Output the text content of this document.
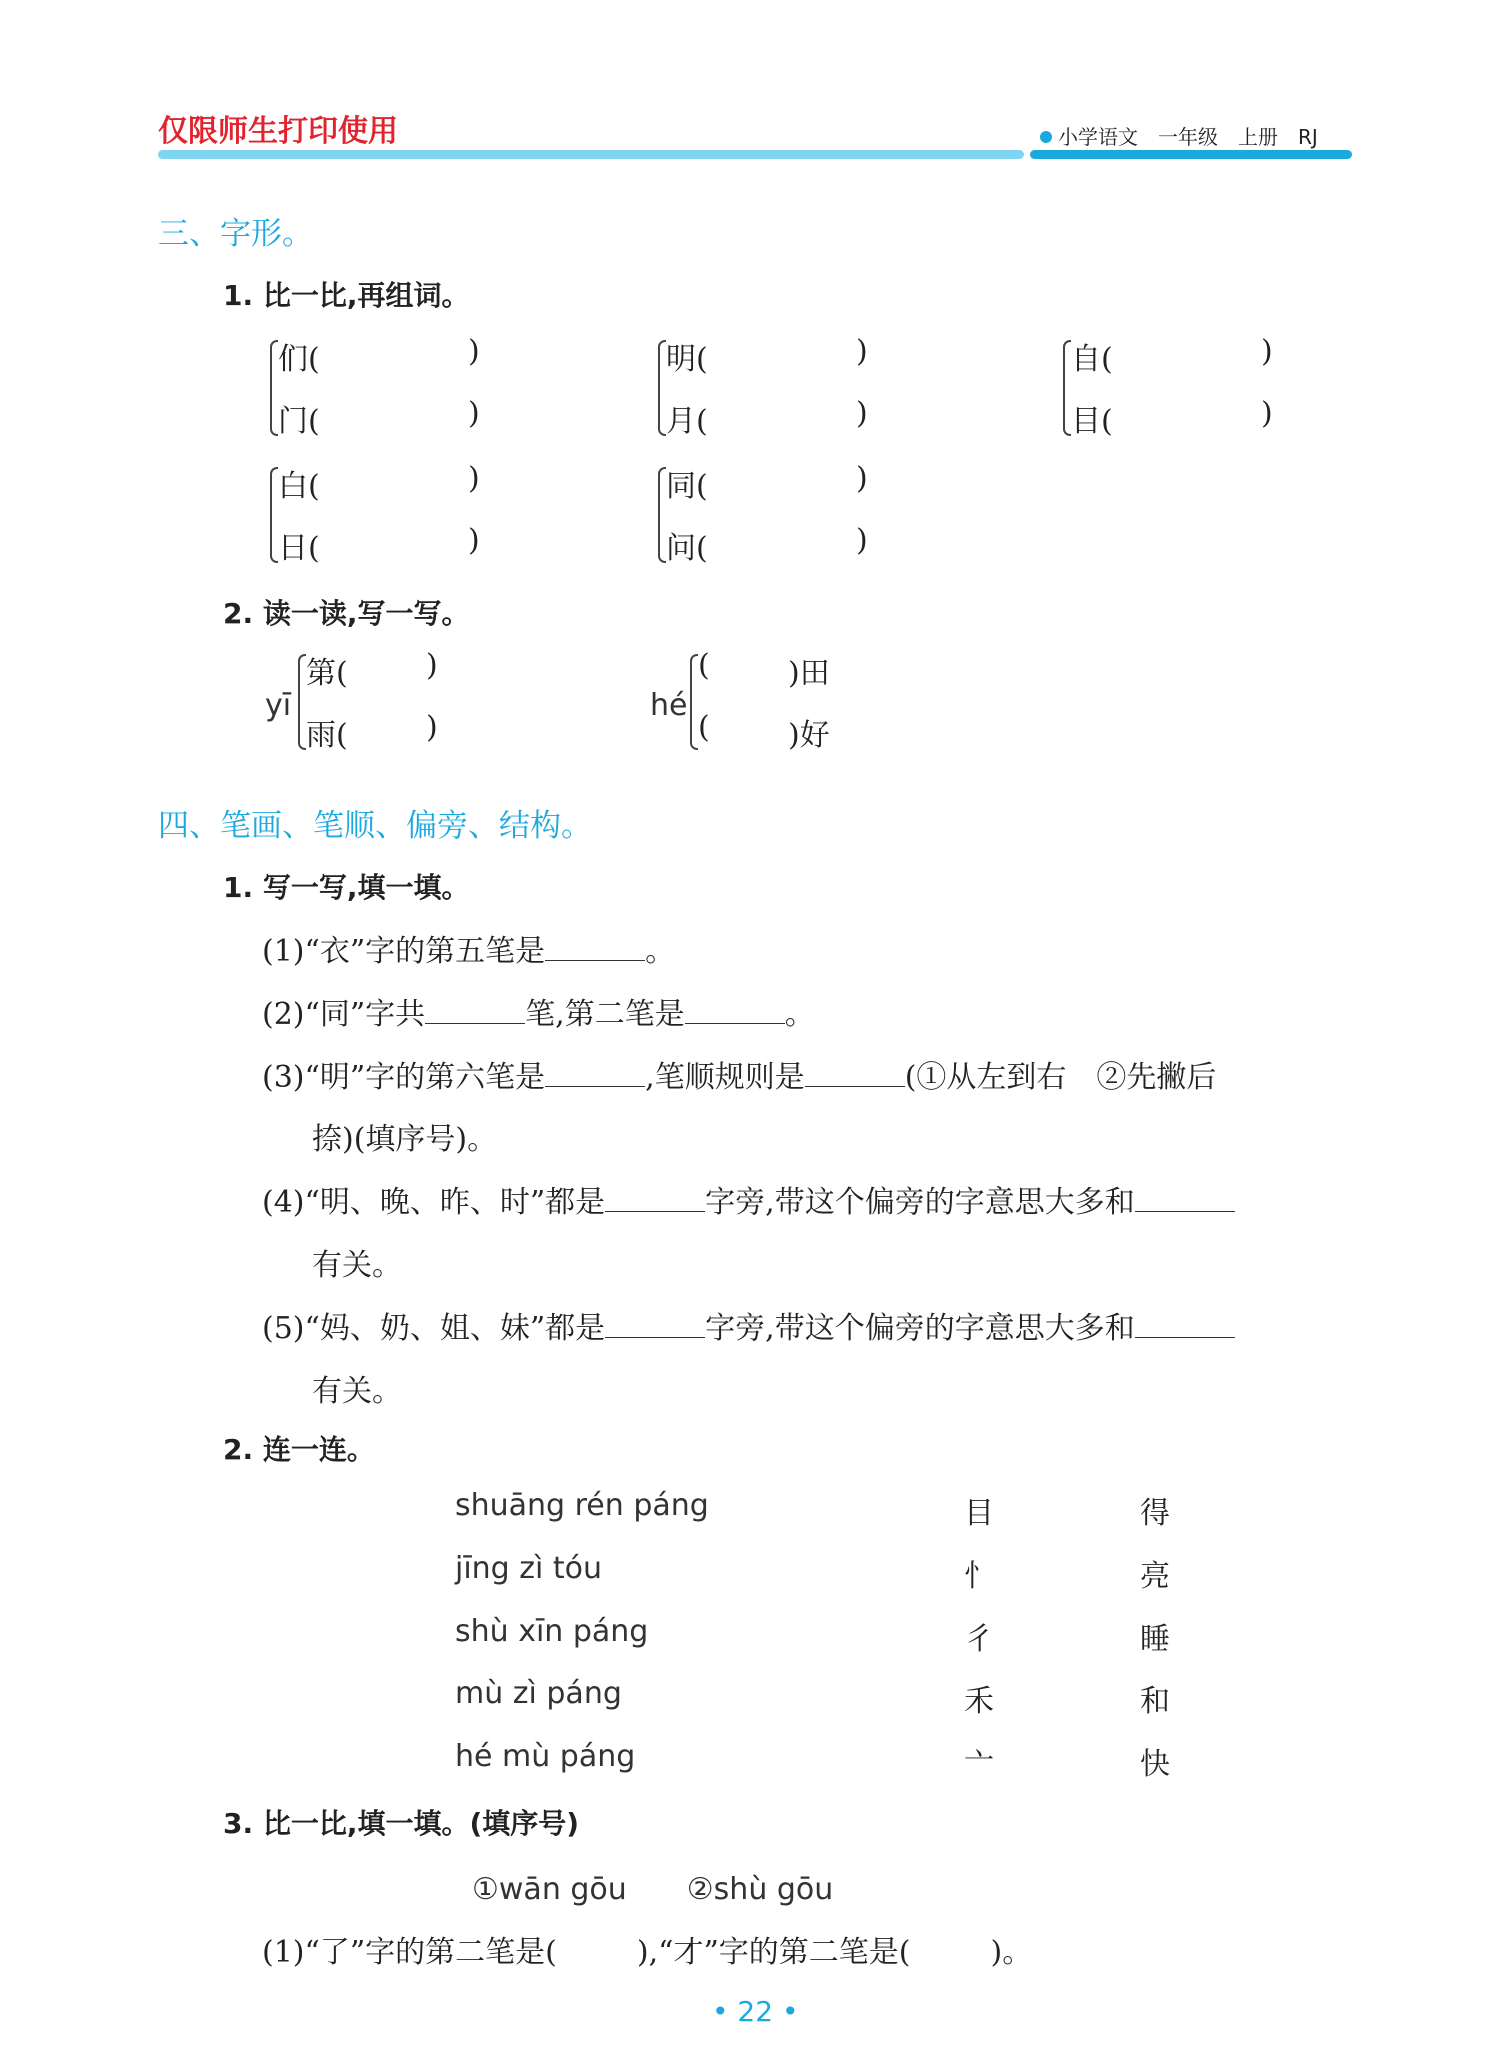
仅限师生打印使用	小学语文 一年级 上册 RJ
三、字形。
1. 比一比,再组词。
们(	)
门(	)
明(	)
月(	)
自(	)
目(	)
白(	)
日(	)
同(	)
问(	)
2. 读一读,写一写。
yī
第(	)
雨(	)
hé
(	)田
(	)好
四、笔画、笔顺、偏旁、结构。
1. 写一写,填一填。
(1)“衣”字的第五笔是	。
(2)“同”字共	笔,第二笔是	。
(3)“明”字的第六笔是	,笔顺规则是	(①从左到右　②先撇后
捺)(填序号)。
(4)“明、晚、昨、时”都是	字旁,带这个偏旁的字意思大多和
有关。
(5)“妈、奶、姐、妹”都是	字旁,带这个偏旁的字意思大多和
有关。
2. 连一连。
shuāng rén páng
jīng zì tóu
shù xīn páng
mù zì páng
hé mù páng
目
忄
彳
禾
亠
得
亮
睡
和
快
3. 比一比,填一填。(填序号)
①wān gōu　　②shù gōu
(1)“了”字的第二笔是(	),“才”字的第二笔是(	)。
• 22 •
